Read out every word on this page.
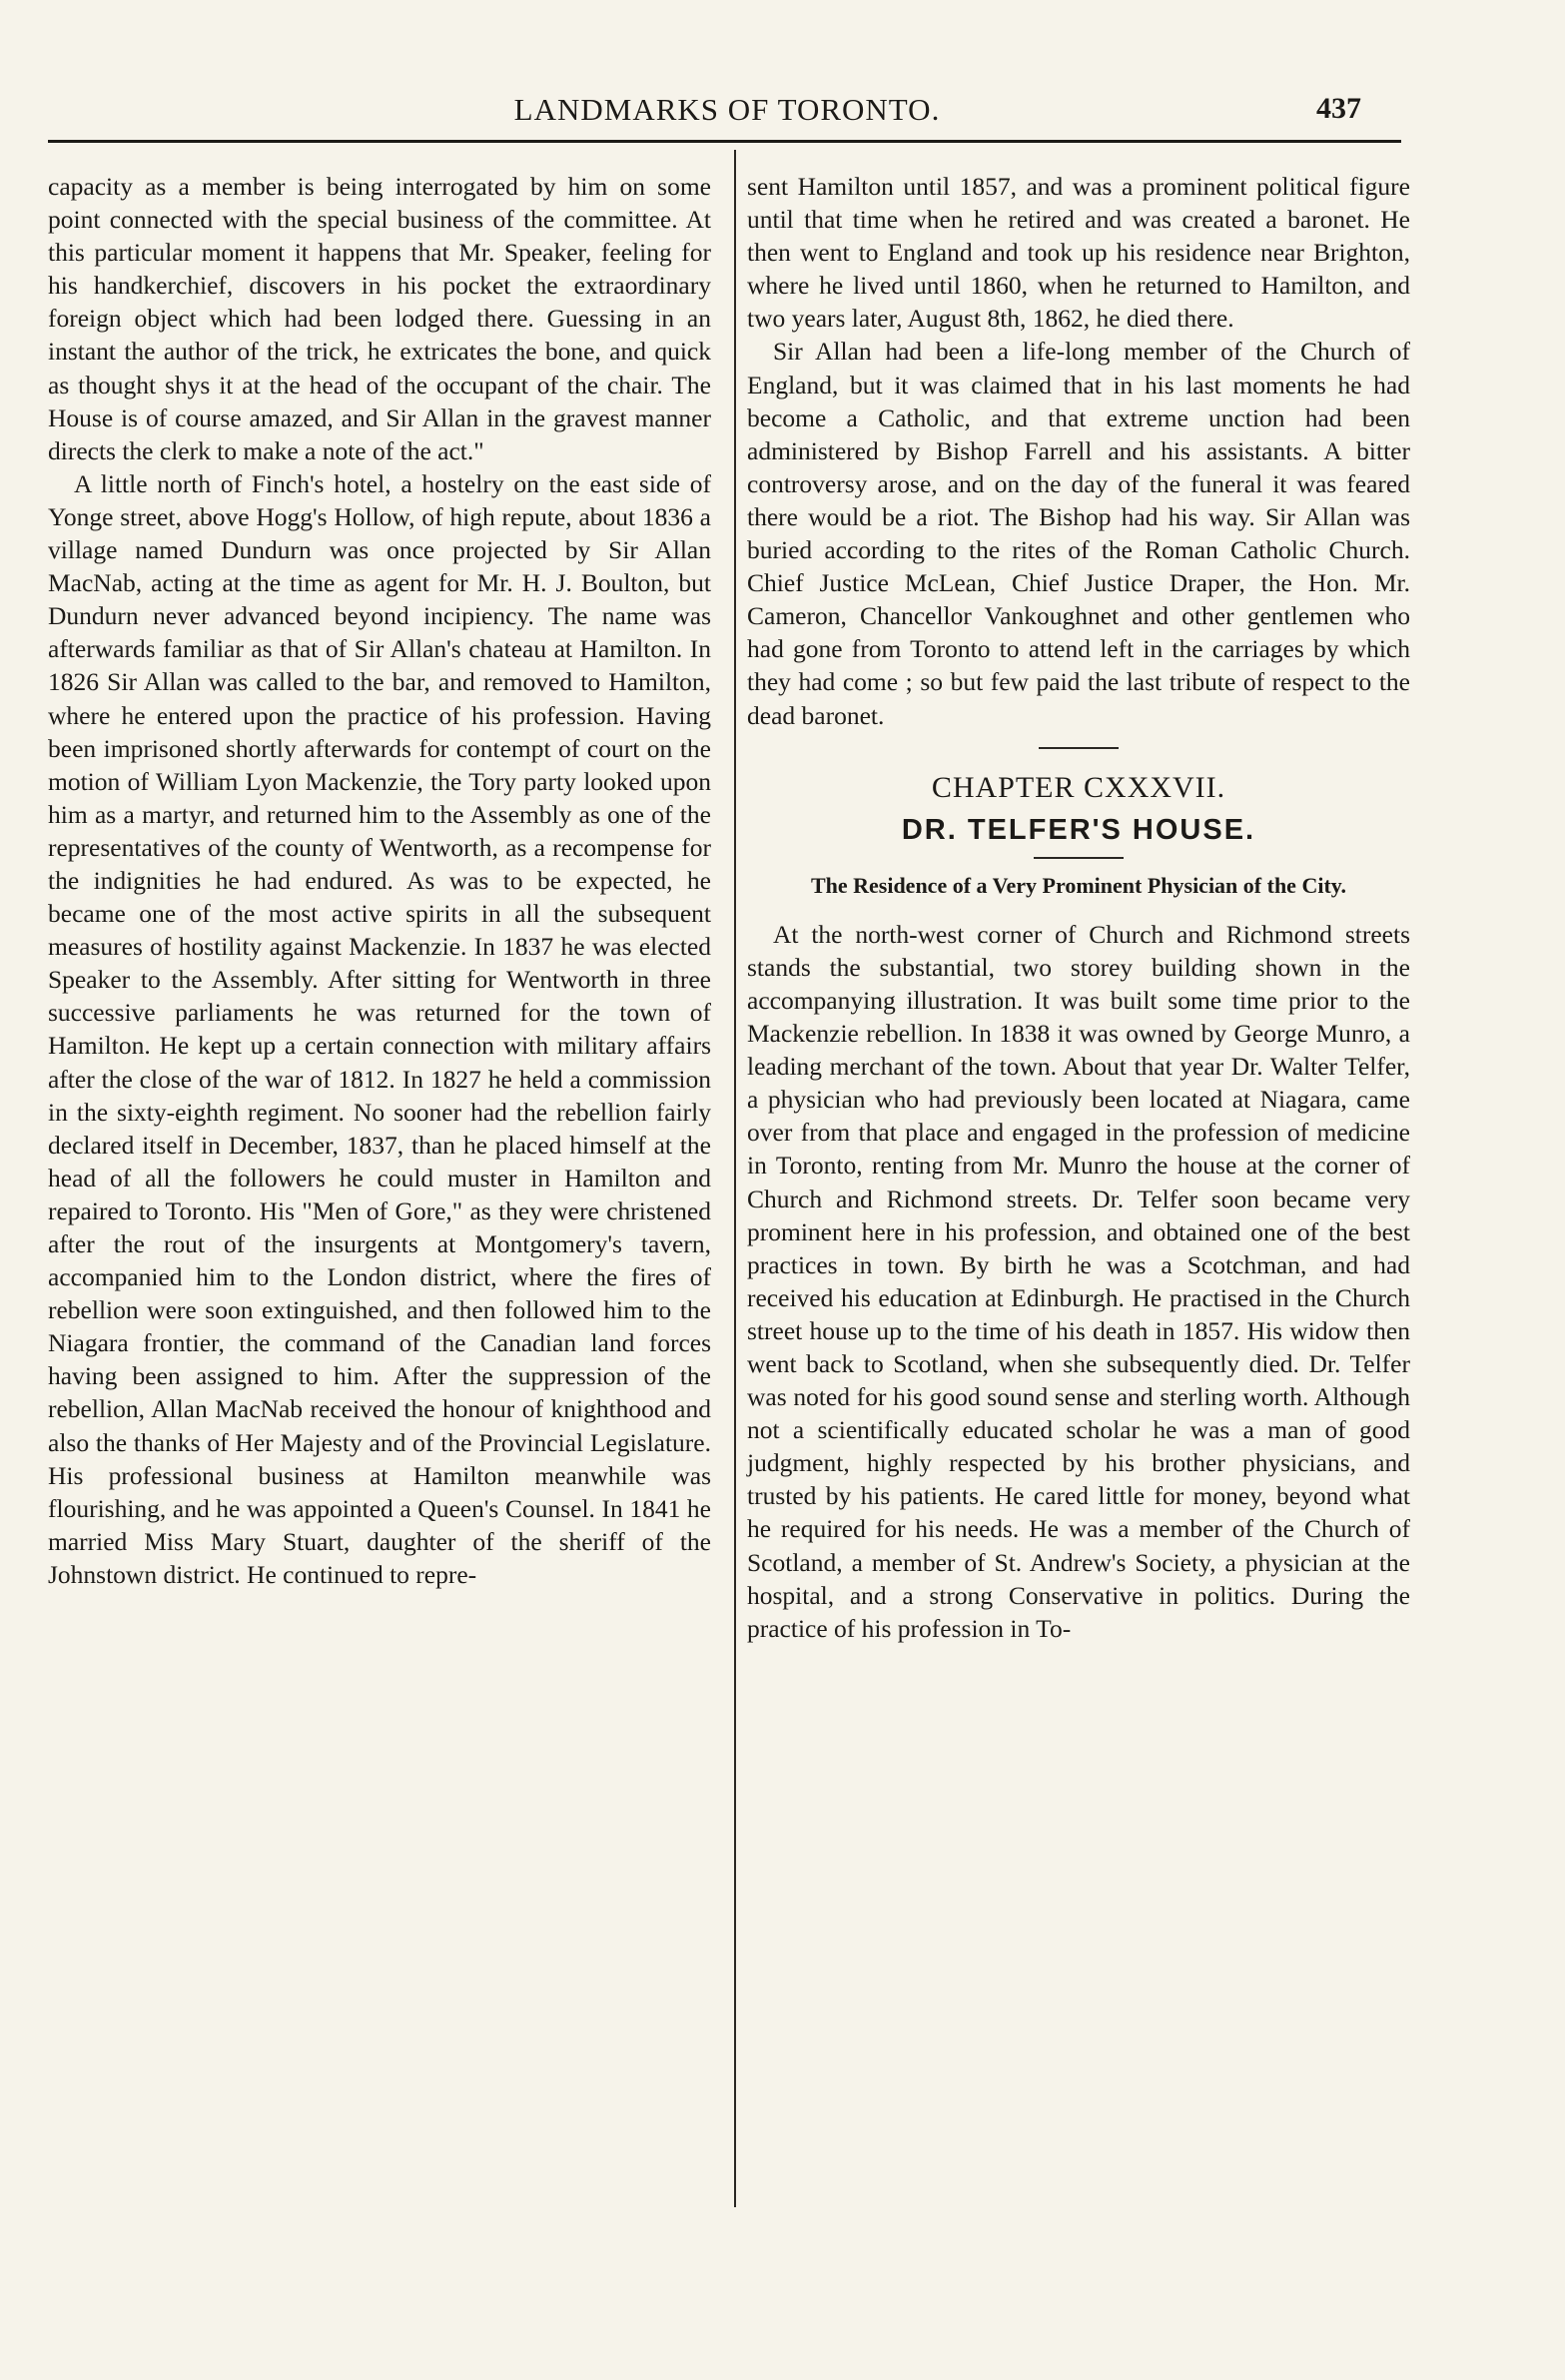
LANDMARKS OF TORONTO.	437

capacity as a member is being interrogated by him on some point connected with the special business of the committee. At this particular moment it happens that Mr. Speaker, feeling for his handkerchief, discovers in his pocket the extraordinary foreign object which had been lodged there. Guessing in an instant the author of the trick, he extricates the bone, and quick as thought shys it at the head of the occupant of the chair. The House is of course amazed, and Sir Allan in the gravest manner directs the clerk to make a note of the act."

A little north of Finch's hotel, a hostelry on the east side of Yonge street, above Hogg's Hollow, of high repute, about 1836 a village named Dundurn was once projected by Sir Allan MacNab, acting at the time as agent for Mr. H. J. Boulton, but Dundurn never advanced beyond incipiency. The name was afterwards familiar as that of Sir Allan's chateau at Hamilton. In 1826 Sir Allan was called to the bar, and removed to Hamilton, where he entered upon the practice of his profession. Having been imprisoned shortly afterwards for contempt of court on the motion of William Lyon Mackenzie, the Tory party looked upon him as a martyr, and returned him to the Assembly as one of the representatives of the county of Wentworth, as a recompense for the indignities he had endured. As was to be expected, he became one of the most active spirits in all the subsequent measures of hostility against Mackenzie. In 1837 he was elected Speaker to the Assembly. After sitting for Wentworth in three successive parliaments he was returned for the town of Hamilton. He kept up a certain connection with military affairs after the close of the war of 1812. In 1827 he held a commission in the sixty-eighth regiment. No sooner had the rebellion fairly declared itself in December, 1837, than he placed himself at the head of all the followers he could muster in Hamilton and repaired to Toronto. His "Men of Gore," as they were christened after the rout of the insurgents at Montgomery's tavern, accompanied him to the London district, where the fires of rebellion were soon extinguished, and then followed him to the Niagara frontier, the command of the Canadian land forces having been assigned to him. After the suppression of the rebellion, Allan MacNab received the honour of knighthood and also the thanks of Her Majesty and of the Provincial Legislature. His professional business at Hamilton meanwhile was flourishing, and he was appointed a Queen's Counsel. In 1841 he married Miss Mary Stuart, daughter of the sheriff of the Johnstown district. He continued to repre-

sent Hamilton until 1857, and was a prominent political figure until that time when he retired and was created a baronet. He then went to England and took up his residence near Brighton, where he lived until 1860, when he returned to Hamilton, and two years later, August 8th, 1862, he died there.

Sir Allan had been a life-long member of the Church of England, but it was claimed that in his last moments he had become a Catholic, and that extreme unction had been administered by Bishop Farrell and his assistants. A bitter controversy arose, and on the day of the funeral it was feared there would be a riot. The Bishop had his way. Sir Allan was buried according to the rites of the Roman Catholic Church. Chief Justice McLean, Chief Justice Draper, the Hon. Mr. Cameron, Chancellor Vankoughnet and other gentlemen who had gone from Toronto to attend left in the carriages by which they had come ; so but few paid the last tribute of respect to the dead baronet.

CHAPTER CXXXVII.
DR. TELFER'S HOUSE.
The Residence of a Very Prominent Physician of the City.

At the north-west corner of Church and Richmond streets stands the substantial, two storey building shown in the accompanying illustration. It was built some time prior to the Mackenzie rebellion. In 1838 it was owned by George Munro, a leading merchant of the town. About that year Dr. Walter Telfer, a physician who had previously been located at Niagara, came over from that place and engaged in the profession of medicine in Toronto, renting from Mr. Munro the house at the corner of Church and Richmond streets. Dr. Telfer soon became very prominent here in his profession, and obtained one of the best practices in town. By birth he was a Scotchman, and had received his education at Edinburgh. He practised in the Church street house up to the time of his death in 1857. His widow then went back to Scotland, when she subsequently died. Dr. Telfer was noted for his good sound sense and sterling worth. Although not a scientifically educated scholar he was a man of good judgment, highly respected by his brother physicians, and trusted by his patients. He cared little for money, beyond what he required for his needs. He was a member of the Church of Scotland, a member of St. Andrew's Society, a physician at the hospital, and a strong Conservative in politics. During the practice of his profession in To-
